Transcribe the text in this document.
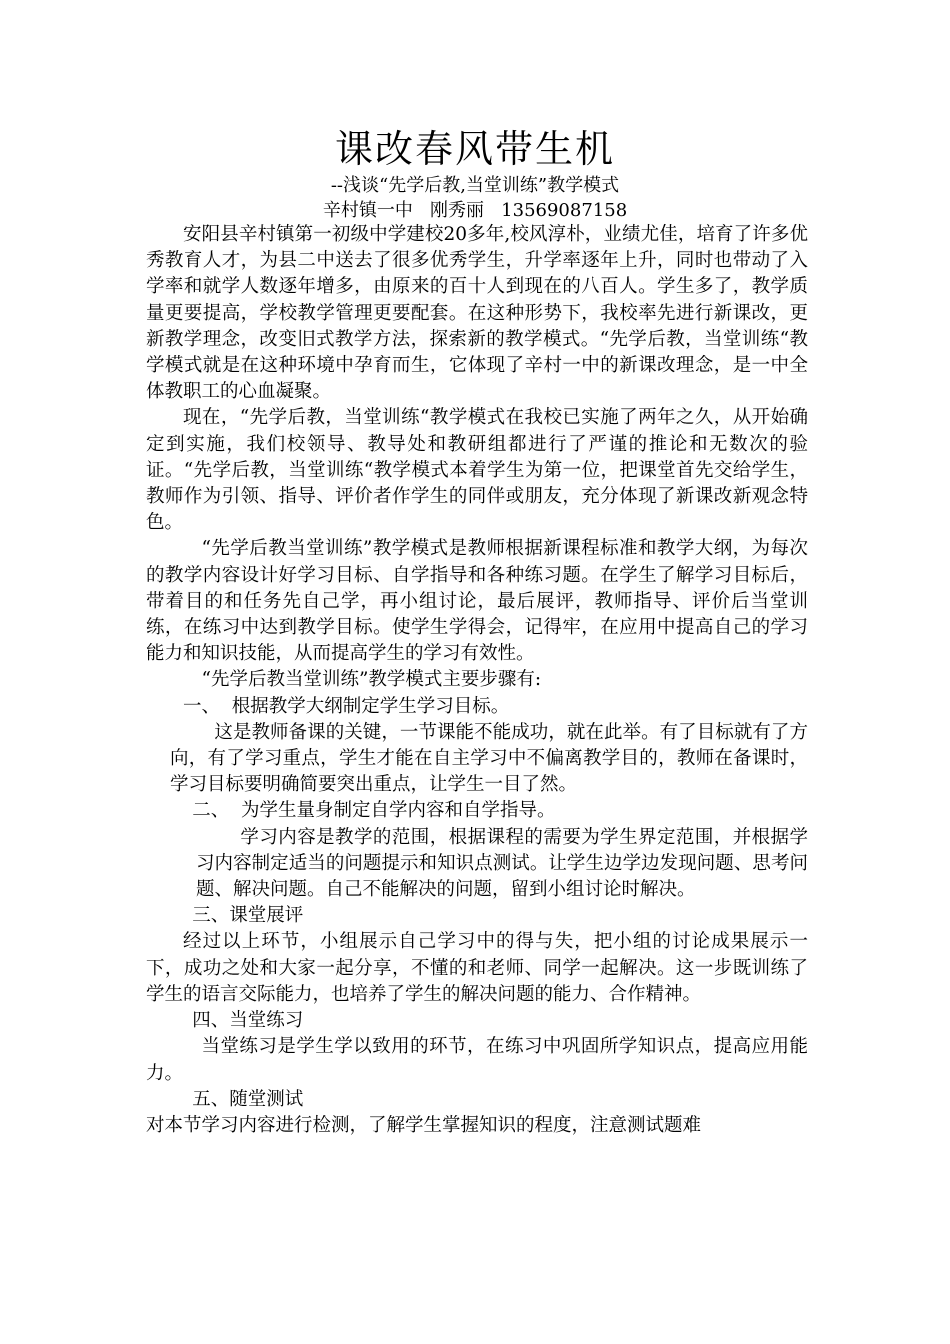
课改春风带生机
--浅谈“先学后教,当堂训练”教学模式
辛村镇一中   刚秀丽   13569087158

安阳县辛村镇第一初级中学建校20多年,校风淳朴，业绩尤佳，培育了许多优秀教育人才，为县二中送去了很多优秀学生，升学率逐年上升，同时也带动了入学率和就学人数逐年增多，由原来的百十人到现在的八百人。学生多了，教学质量更要提高，学校教学管理更要配套。在这种形势下，我校率先进行新课改，更新教学理念，改变旧式教学方法，探索新的教学模式。“先学后教，当堂训练“教学模式就是在这种环境中孕育而生，它体现了辛村一中的新课改理念，是一中全体教职工的心血凝聚。

现在，“先学后教，当堂训练“教学模式在我校已实施了两年之久，从开始确定到实施，我们校领导、教导处和教研组都进行了严谨的推论和无数次的验证。“先学后教，当堂训练“教学模式本着学生为第一位，把课堂首先交给学生，教师作为引领、指导、评价者作学生的同伴或朋友，充分体现了新课改新观念特色。

“先学后教当堂训练”教学模式是教师根据新课程标准和教学大纲，为每次的教学内容设计好学习目标、自学指导和各种练习题。在学生了解学习目标后，带着目的和任务先自己学，再小组讨论，最后展评，教师指导、评价后当堂训练，在练习中达到教学目标。使学生学得会，记得牢，在应用中提高自己的学习能力和知识技能，从而提高学生的学习有效性。

“先学后教当堂训练”教学模式主要步骤有:

一、  根据教学大纲制定学生学习目标。

这是教师备课的关键，一节课能不能成功，就在此举。有了目标就有了方向，有了学习重点，学生才能在自主学习中不偏离教学目的，教师在备课时，学习目标要明确简要突出重点，让学生一目了然。

二、  为学生量身制定自学内容和自学指导。

学习内容是教学的范围，根据课程的需要为学生界定范围，并根据学习内容制定适当的问题提示和知识点测试。让学生边学边发现问题、思考问题、解决问题。自己不能解决的问题，留到小组讨论时解决。

三、课堂展评

经过以上环节，小组展示自己学习中的得与失，把小组的讨论成果展示一下，成功之处和大家一起分享，不懂的和老师、同学一起解决。这一步既训练了学生的语言交际能力，也培养了学生的解决问题的能力、合作精神。

四、当堂练习

当堂练习是学生学以致用的环节，在练习中巩固所学知识点，提高应用能力。

五、随堂测试

对本节学习内容进行检测，了解学生掌握知识的程度，注意测试题难
